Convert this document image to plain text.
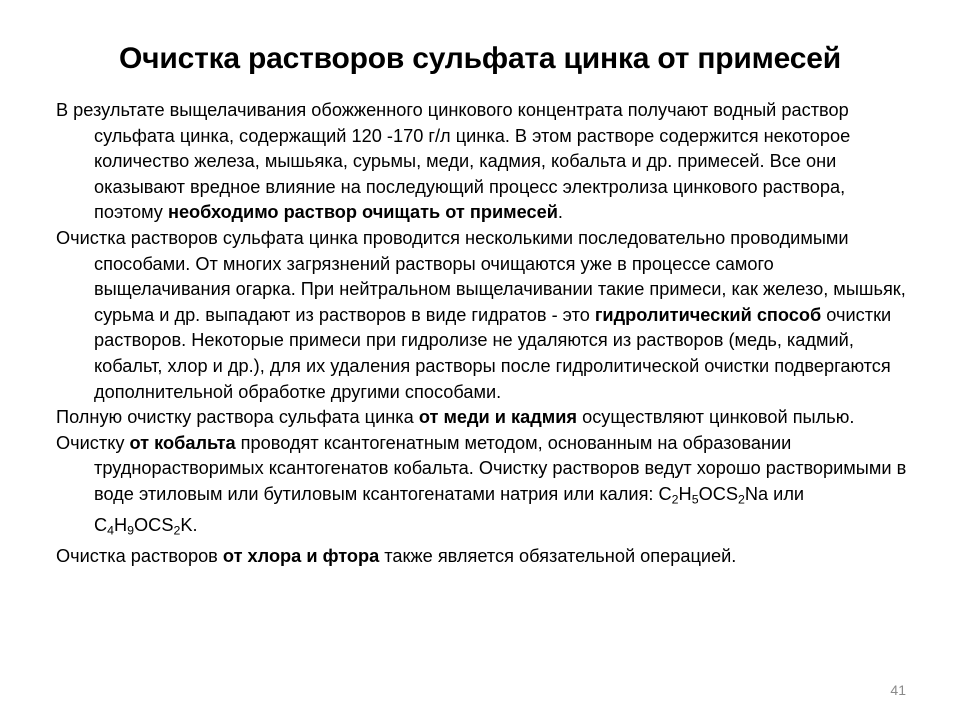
Очистка растворов сульфата цинка от примесей

В результате выщелачивания обожженного цинкового концентрата получают водный раствор сульфата цинка, содержащий 120 -170 г/л цинка. В этом растворе содержится некоторое количество железа, мышьяка, сурьмы, меди, кадмия, кобальта и др. примесей. Все они оказывают вредное влияние на последующий процесс электролиза цинкового раствора, поэтому необходимо раствор очищать от примесей.

Очистка растворов сульфата цинка проводится несколькими последовательно проводимыми способами. От многих загрязнений растворы очищаются уже в процессе самого выщелачивания огарка. При нейтральном выщелачивании такие примеси, как железо, мышьяк, сурьма и др. выпадают из растворов в виде гидратов - это гидролитический способ очистки растворов. Некоторые примеси при гидролизе не удаляются из растворов (медь, кадмий, кобальт, хлор и др.), для их удаления растворы после гидролитической очистки подвергаются дополнительной обработке другими способами.

Полную очистку раствора сульфата цинка от меди и кадмия осуществляют цинковой пылью.

Очистку от кобальта проводят ксантогенатным методом, основанным на образовании труднорастворимых ксантогенатов кобальта. Очистку растворов ведут хорошо растворимыми в воде этиловым или бутиловым ксантогенатами натрия или калия: $C_2H_5OCS_2Na$ или $C_4H_9OCS_2K$.

Очистка растворов от хлора и фтора также является обязательной операцией.

41
